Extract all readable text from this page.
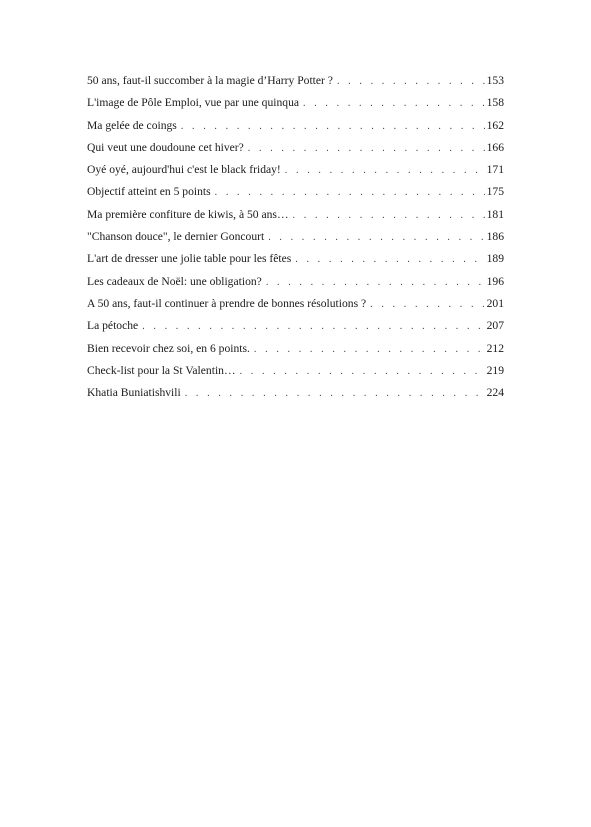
50 ans, faut-il succomber à la magie d’Harry Potter ? . . .	153
L'image de Pôle Emploi, vue par une quinqua . . .	158
Ma gelée de coings . . .	162
Qui veut une doudoune cet hiver? . . .	166
Oyé oyé, aujourd'hui c'est le black friday! . . .	171
Objectif atteint en 5 points . . .	175
Ma première confiture de kiwis, à 50 ans… . . .	181
"Chanson douce", le dernier Goncourt . . .	186
L'art de dresser une jolie table pour les fêtes . . .	189
Les cadeaux de Noël: une obligation? . . .	196
A 50 ans, faut-il continuer à prendre de bonnes résolutions ? . . .	201
La pétoche . . .	207
Bien recevoir chez soi, en 6 points. . . .	212
Check-list pour la St Valentin… . . .	219
Khatia Buniatishvili . . .	224
